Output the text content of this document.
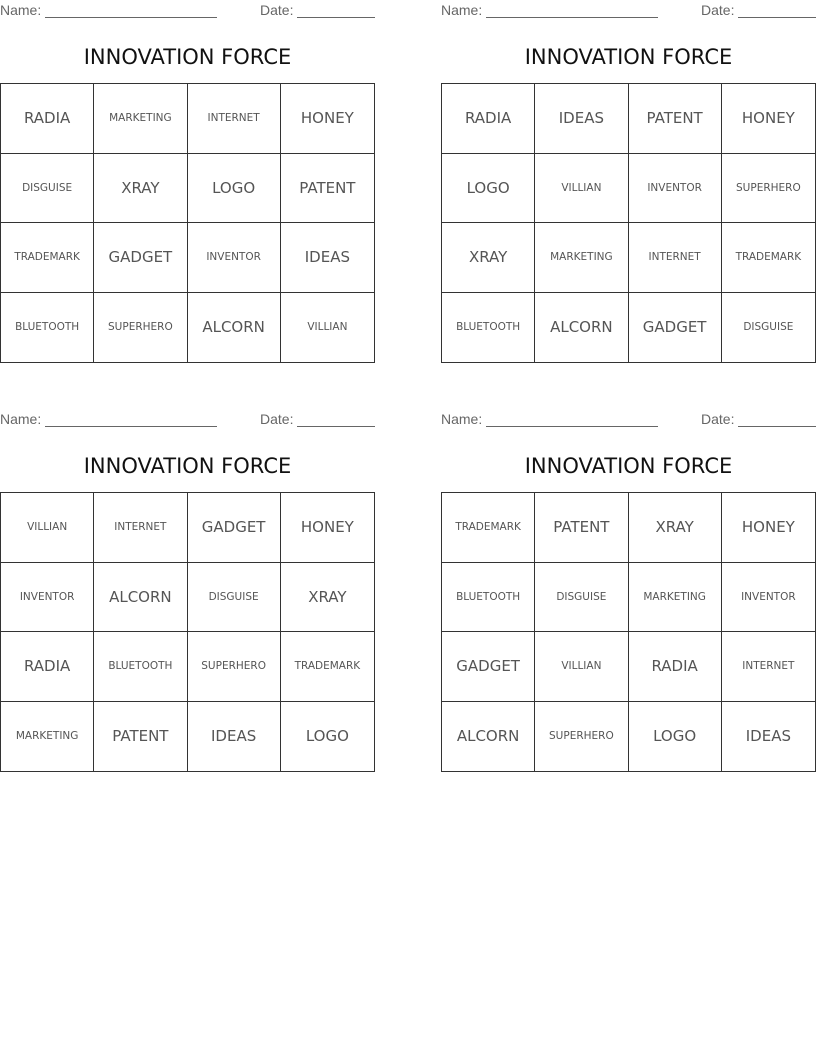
Name:	Date:
INNOVATION FORCE
RADIA	MARKETING	INTERNET	HONEY
DISGUISE	XRAY	LOGO	PATENT
TRADEMARK	GADGET	INVENTOR	IDEAS
BLUETOOTH	SUPERHERO	ALCORN	VILLIAN
Name:	Date:
INNOVATION FORCE
RADIA	IDEAS	PATENT	HONEY
LOGO	VILLIAN	INVENTOR	SUPERHERO
XRAY	MARKETING	INTERNET	TRADEMARK
BLUETOOTH	ALCORN	GADGET	DISGUISE
Name:	Date:
INNOVATION FORCE
VILLIAN	INTERNET	GADGET	HONEY
INVENTOR	ALCORN	DISGUISE	XRAY
RADIA	BLUETOOTH	SUPERHERO	TRADEMARK
MARKETING	PATENT	IDEAS	LOGO
Name:	Date:
INNOVATION FORCE
TRADEMARK	PATENT	XRAY	HONEY
BLUETOOTH	DISGUISE	MARKETING	INVENTOR
GADGET	VILLIAN	RADIA	INTERNET
ALCORN	SUPERHERO	LOGO	IDEAS
